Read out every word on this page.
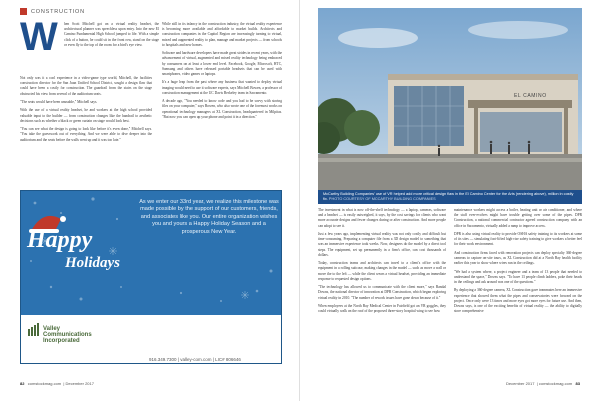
CONSTRUCTION
W	hen Scott Mitchell got on a virtual reality headset, the architectural planner was speechless upon entry. Into the new El Camino Fundamental High School jumped to life. With a simple click of a button, he could sit in the front row, stand on the stage or even fly to the top of the room for a bird's eye view.

Not only was it a cool experience in a video-game type world, Mitchell, the facilities construction director for the San Juan Unified School District, sought a design flaw that could have been a costly for construction. The guardrail from the stairs on the stage obstructed his view from several of the auditorium seats.

"The seats would have been unusable," Mitchell says.

With the use of a virtual reality headset, he and workers at the high school provided valuable input to the builder — from construction changes like the handrail to aesthetic decisions such as whether a black or green curtain on stage would look best.

"You can see what the design is going to look like before it's even done," Mitchell says. "You take the guesswork out of everything. And we were able to dive deeper into the auditorium and the seats before the walls went up and it was too late."

While still in its infancy in the construction industry, the virtual reality experience is becoming more available and affordable to market builds. Architects and construction companies in the Capitol Region are increasingly turning to virtual, mixed and augmented reality to plan, manage and market projects — from schools to hospitals and new homes.

Software and hardware developers have made great strides in recent years, with the advancement of virtual, augmented and mixed reality technology being embraced by consumers on at least a lower end level. Facebook, Google, Microsoft, HTC, Samsung and others have released portable headsets that can be used with smartphones, video games or laptops.

It's a huge leap from the past where any business that wanted to deploy virtual imaging would need to use it software experts, says Mitchell Bowen, a professor of construction management at the UC Davis Berkeley team in Sacramento.

A decade ago, "You needed to know code and you had to be savvy with storing files on your computer," says Bowen, who also wrote one of the foremost works on operational technology managers at XL Construction, headquartered in Milpitas. "But now you can open up your phone and point it in a direction."

Happy
Holidays
As we enter our 33rd year, we realize this milestone was made possible by the support of our customers, friends, and associates like you. Our entire organization wishes you and yours a Happy Holiday Season and a prosperous New Year.
Valley
Communications
Incorporated
916.349.7300 | valley-com.com | LIC# 806646
82 comstockmag.com  | December 2017
EL CAMINO
McCarthy Building Companies' use of VR helped add more critical design flaw in the El Camino Center for the Arts (rendering above), million in costly fix. PHOTO COURTESY OF MCCARTHY BUILDING COMPANIES

The investment in what is now off-the-shelf technology — a laptop, cameras, software and a headset — is easily outweighed, it says, by the cost savings for clients who want more accurate designs and fewer changes during or after construction. And more people can adopt to see it.

Just a few years ago, implementing virtual reality was not only costly and difficult but time-consuming. Preparing a computer file from a 3D design model to something that was an immersive experience took weeks. Now, designers do the model by a direct tool steps. The equipment, set up permanently in a firm's office, can cost thousands of dollars.

Today, construction teams and architects can travel to a client's office with the equipment in a rolling suitcase, making changes in the model — such as move a wall or move the to the left — while the client wears a virtual headset, providing an immediate response to requested design options.

"The technology has allowed us to communicate with the client more," says Randal Downs, the national director of innovation at DPR Construction, which began exploring virtual reality in 2010. "The number of rework issues have gone down because of it."

When employees at the North Bay Medical Center in Fairfield got an VR goggles, they could virtually walk on the roof of the proposed three-story hospital wing to see how

maintenance workers might access a boiler, heating unit or air conditioner, and where the staff ever-evolves might have trouble getting over some of the pipes. DPR Construction, a national commercial contractor agreed construction company with an office in Sacramento, virtually added a ramp to improve access.

DPR is also using virtual reality to provide OSHA safety training to its workers at some of its sites — simulating foot-lifted high-rise safety training to give workers a better feel for their work environment.

And construction firms faced with renovation projects can deploy specialty 360-degree cameras to capture on-site tours, as XL Construction did at a North Bay health facility earlier this year to show where wires run in the ceilings.

"We had a system where, a project engineer and a team of 13 people that needed to understand the space," Downs says. "To have 13 people climb ladders, poke their heads in the ceilings and ask around was one of the questions."

By deploying a 360-degree camera, XL Construction gave teammates here an immersive experience that showed them what the pipes and conservatories were forward on the project. Once only were 13 times and more eyes got more eyes for future use. And then, Downs says, is one of the exciting benefits of virtual reality — the ability to digitally store comprehensive

December 2017  | comstockmag.com 83
